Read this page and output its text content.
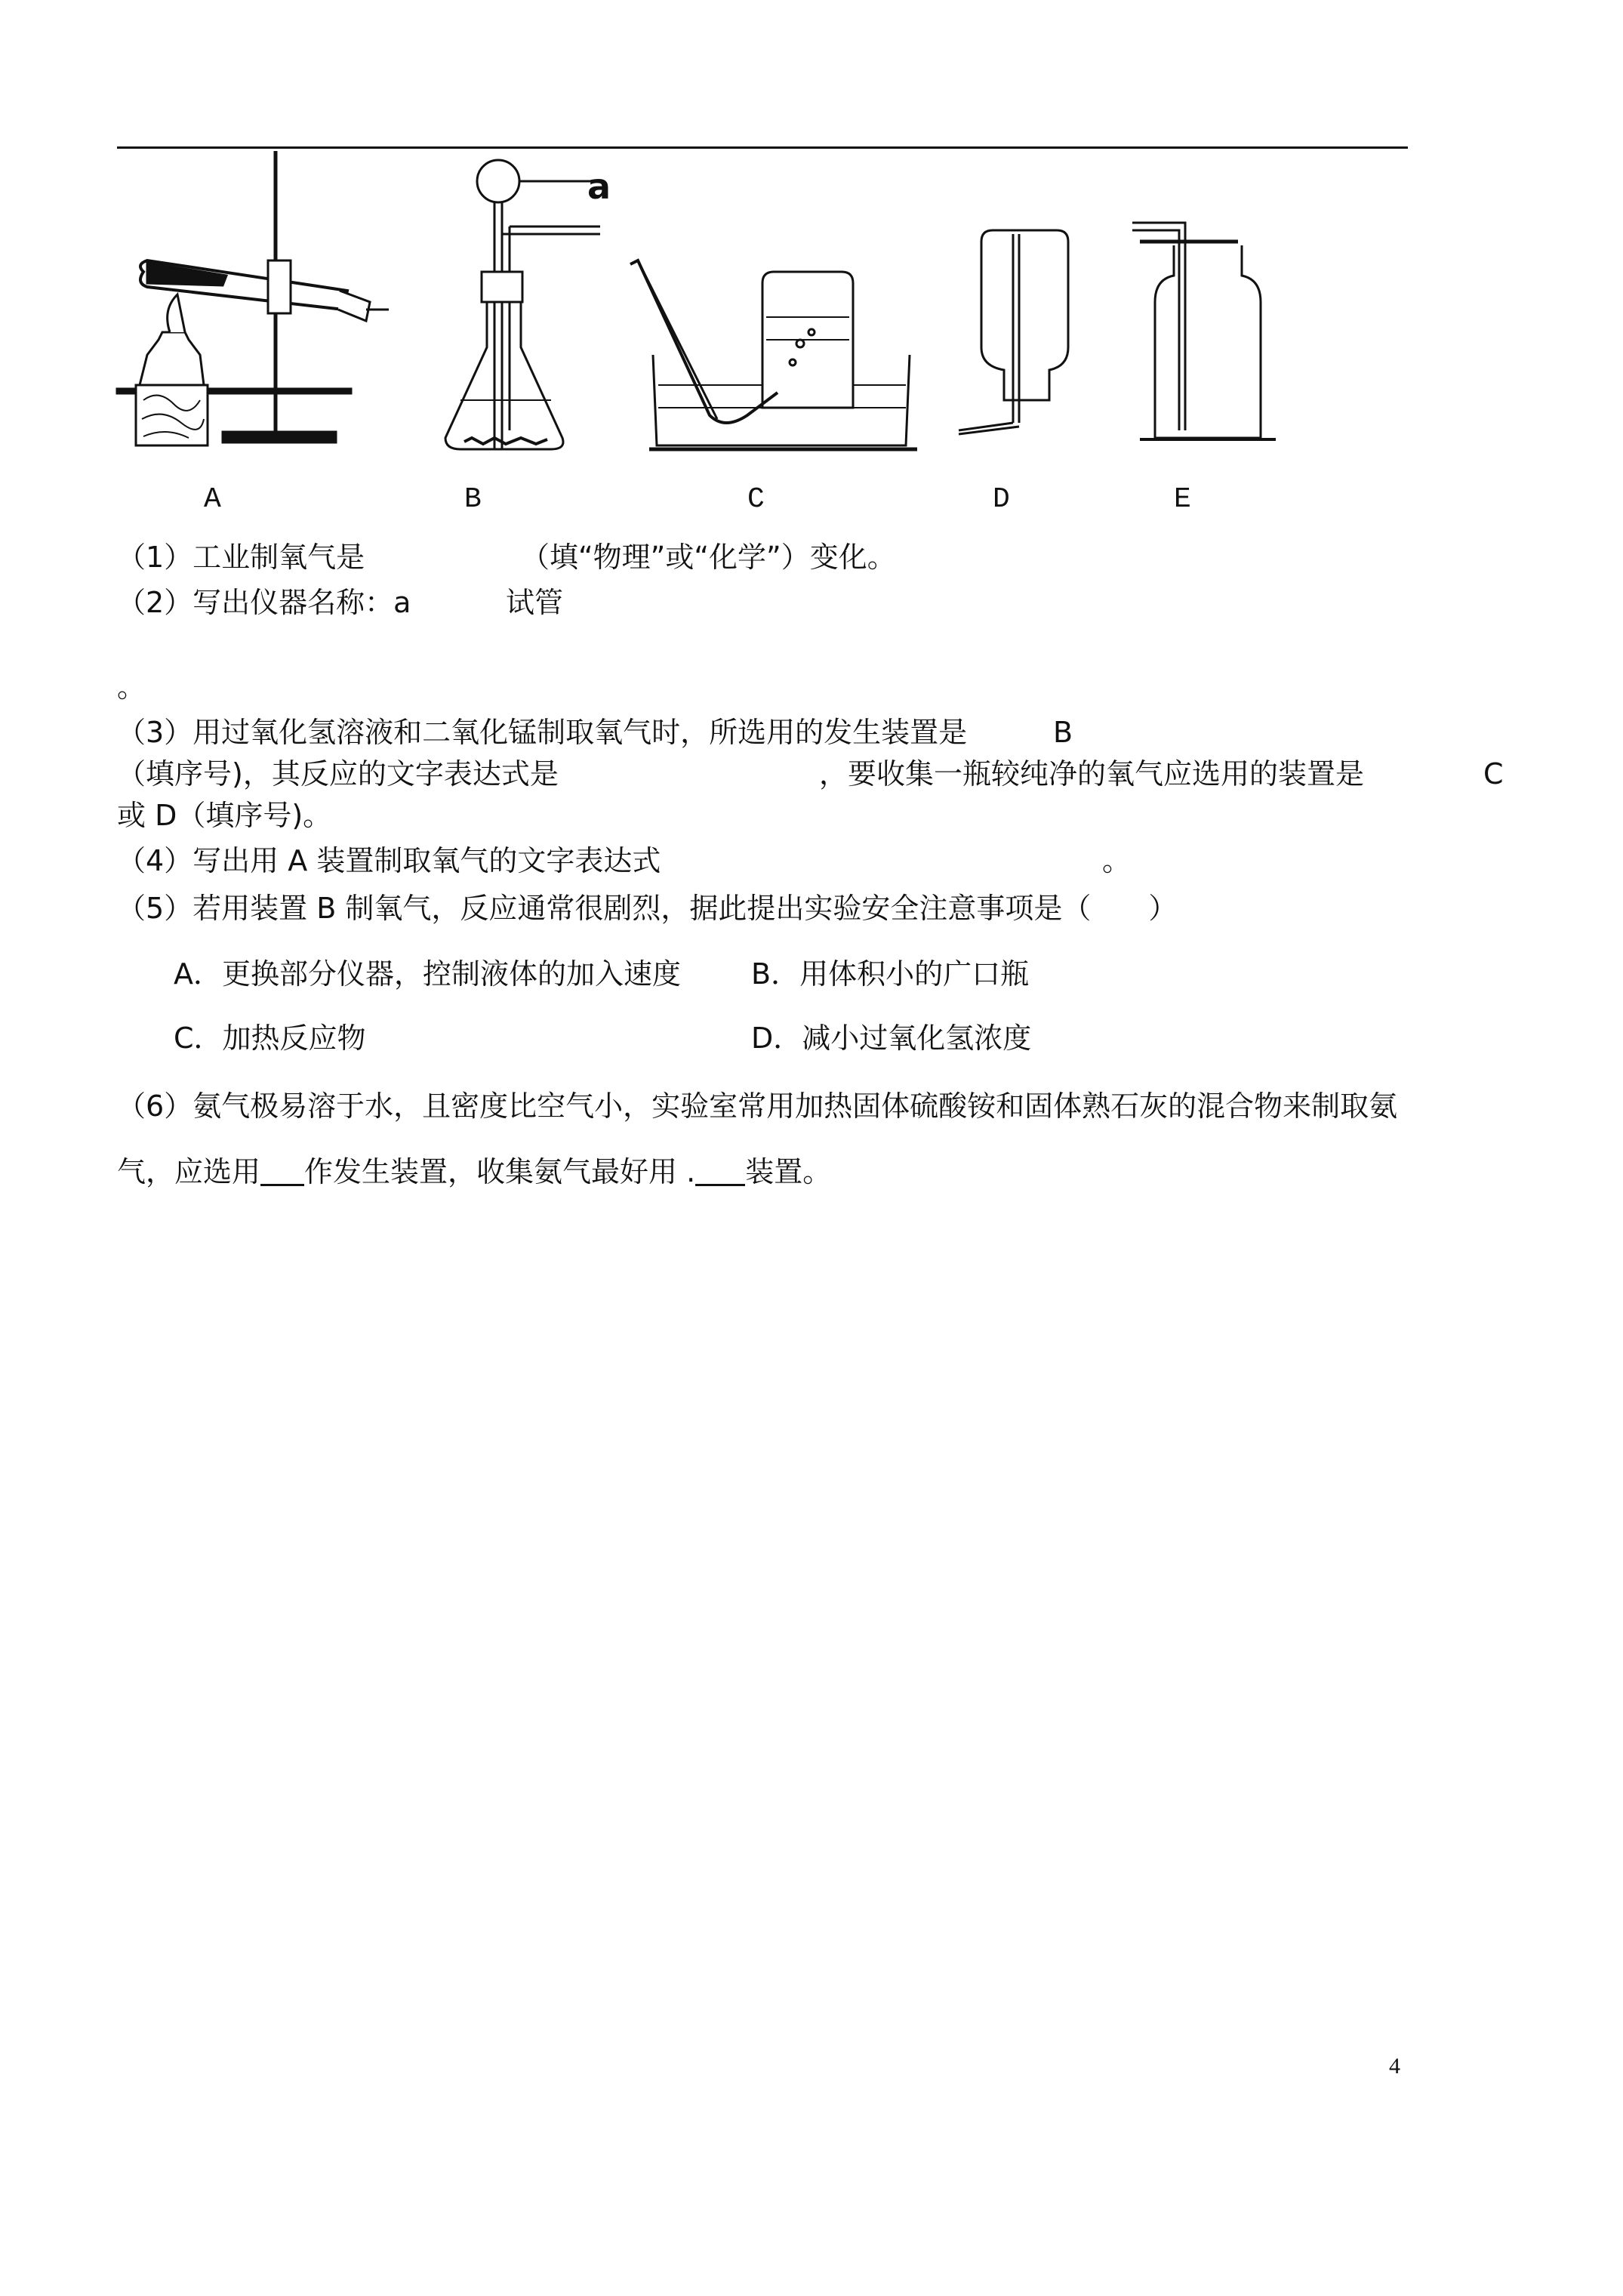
a
A	B	C	D	E
（1）工业制氧气是	（填“物理”或“化学”）变化。
（2）写出仪器名称：a	试管
。
（3）用过氧化氢溶液和二氧化锰制取氧气时，所选用的发生装置是	B
（填序号)，其反应的文字表达式是	，要收集一瓶较纯净的氧气应选用的装置是	C
或 D（填序号)。
（4）写出用 A 装置制取氧气的文字表达式	。
（5）若用装置 B 制氧气，反应通常很剧烈，据此提出实验安全注意事项是（　　）
A．更换部分仪器，控制液体的加入速度 B．用体积小的广口瓶
C．加热反应物	D．减小过氧化氢浓度
（6）氨气极易溶于水，且密度比空气小，实验室常用加热固体硫酸铵和固体熟石灰的混合物来制取氨
气，应选用 作发生装置，收集氨气最好用 . 装置。
4
